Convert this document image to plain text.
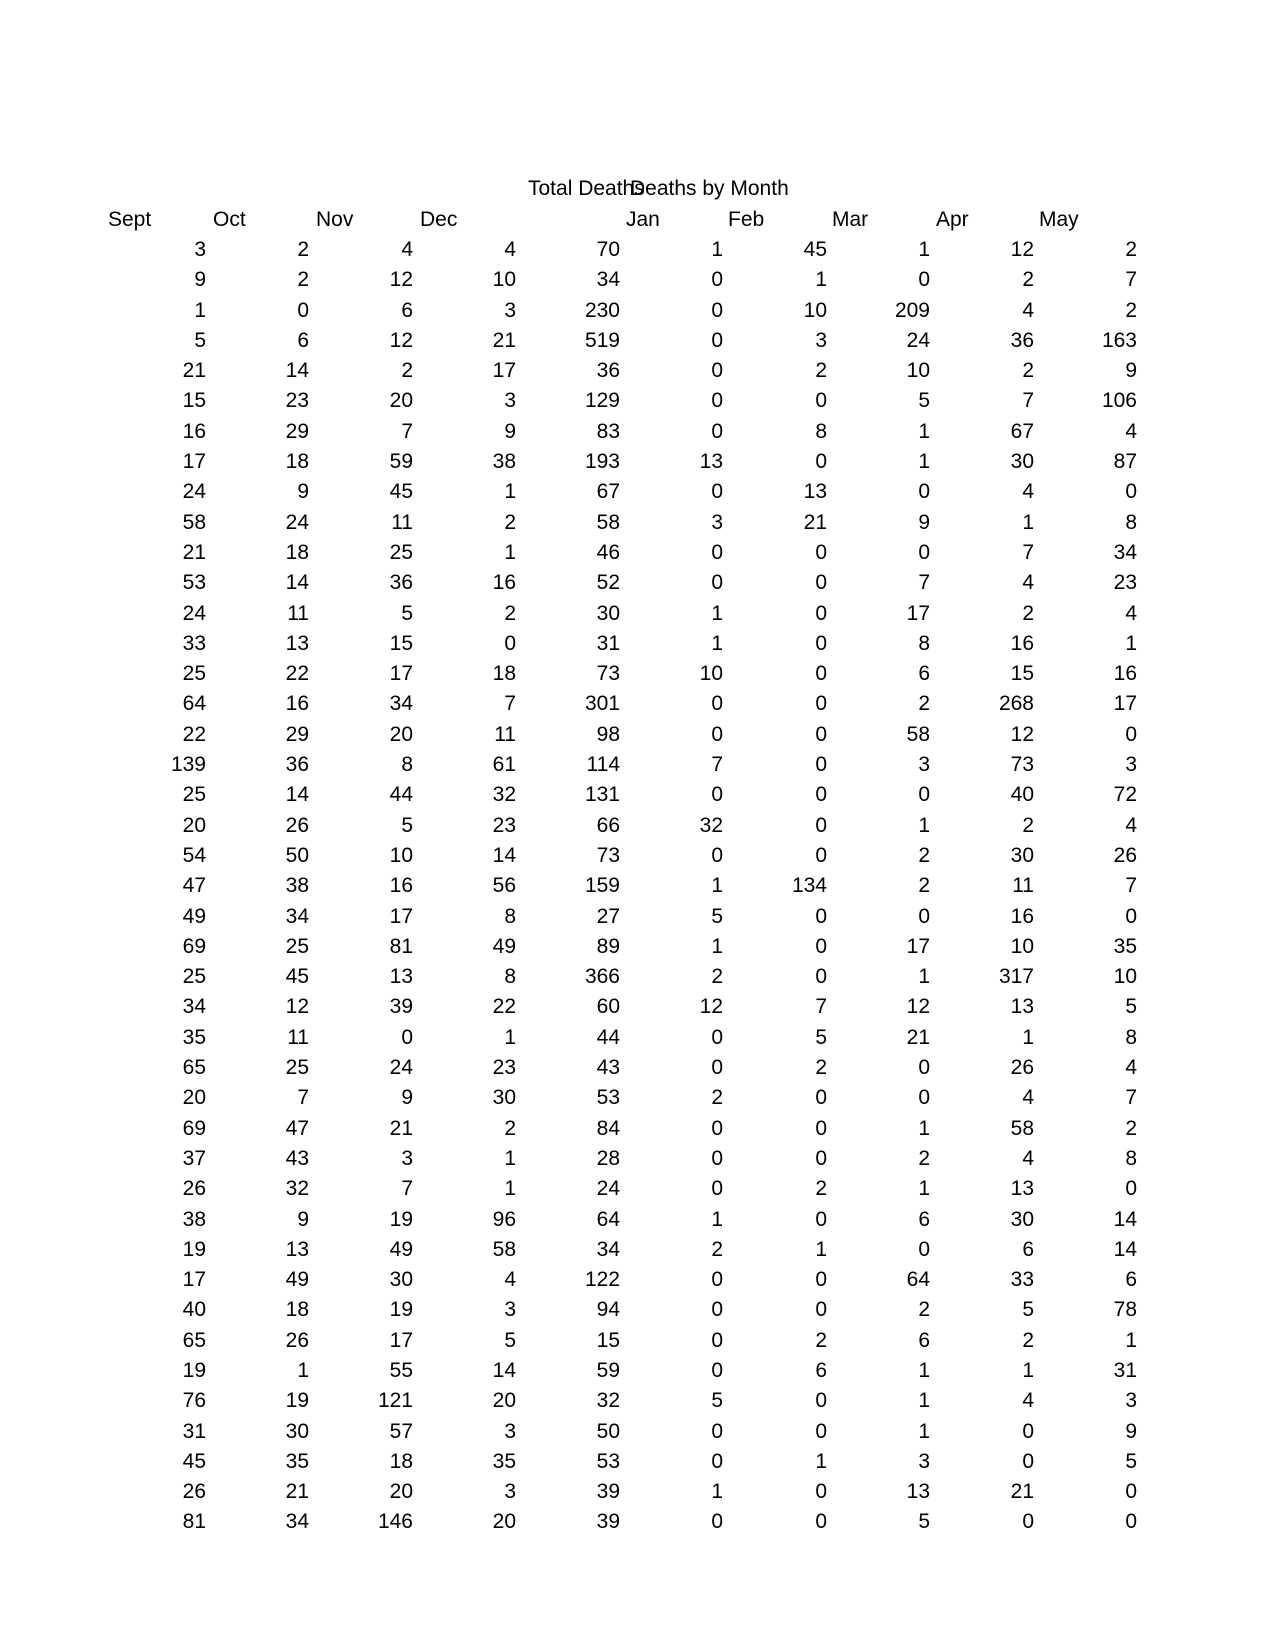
Total Deaths
Deaths by Month
Sept	Oct	Nov	Dec	Jan	Feb	Mar	Apr	May
3	2	4	4	70	1	45	1	12	2
9	2	12	10	34	0	1	0	2	7
1	0	6	3	230	0	10	209	4	2
5	6	12	21	519	0	3	24	36	163
21	14	2	17	36	0	2	10	2	9
15	23	20	3	129	0	0	5	7	106
16	29	7	9	83	0	8	1	67	4
17	18	59	38	193	13	0	1	30	87
24	9	45	1	67	0	13	0	4	0
58	24	11	2	58	3	21	9	1	8
21	18	25	1	46	0	0	0	7	34
53	14	36	16	52	0	0	7	4	23
24	11	5	2	30	1	0	17	2	4
33	13	15	0	31	1	0	8	16	1
25	22	17	18	73	10	0	6	15	16
64	16	34	7	301	0	0	2	268	17
22	29	20	11	98	0	0	58	12	0
139	36	8	61	114	7	0	3	73	3
25	14	44	32	131	0	0	0	40	72
20	26	5	23	66	32	0	1	2	4
54	50	10	14	73	0	0	2	30	26
47	38	16	56	159	1	134	2	11	7
49	34	17	8	27	5	0	0	16	0
69	25	81	49	89	1	0	17	10	35
25	45	13	8	366	2	0	1	317	10
34	12	39	22	60	12	7	12	13	5
35	11	0	1	44	0	5	21	1	8
65	25	24	23	43	0	2	0	26	4
20	7	9	30	53	2	0	0	4	7
69	47	21	2	84	0	0	1	58	2
37	43	3	1	28	0	0	2	4	8
26	32	7	1	24	0	2	1	13	0
38	9	19	96	64	1	0	6	30	14
19	13	49	58	34	2	1	0	6	14
17	49	30	4	122	0	0	64	33	6
40	18	19	3	94	0	0	2	5	78
65	26	17	5	15	0	2	6	2	1
19	1	55	14	59	0	6	1	1	31
76	19	121	20	32	5	0	1	4	3
31	30	57	3	50	0	0	1	0	9
45	35	18	35	53	0	1	3	0	5
26	21	20	3	39	1	0	13	21	0
81	34	146	20	39	0	0	5	0	0
